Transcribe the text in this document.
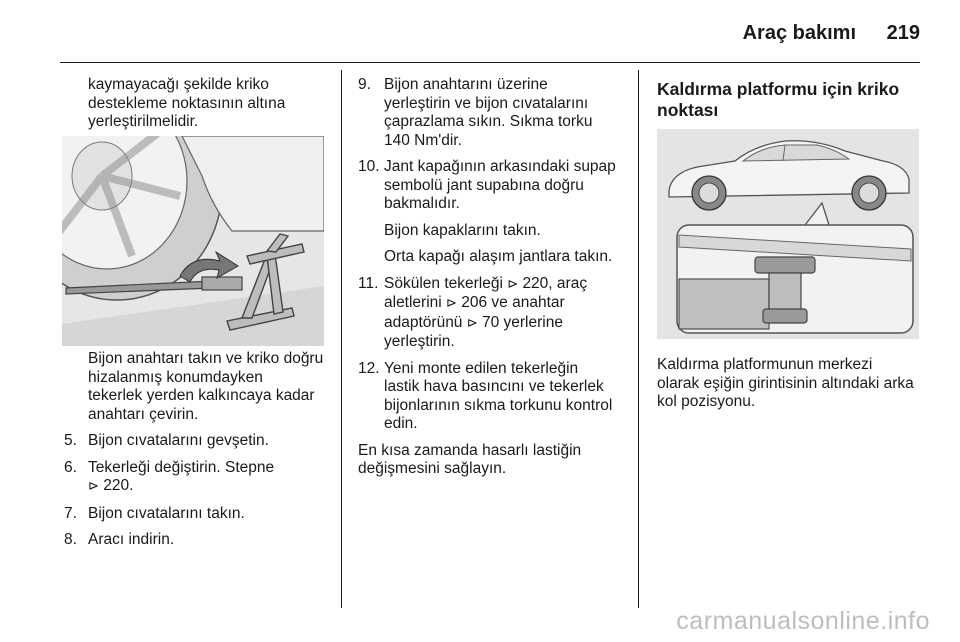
Araç bakımı 219

kaymayacağı şekilde kriko
destekleme noktasının altına
yerleştirilmelidir.

Bijon anahtarı takın ve kriko doğru
hizalanmış konumdayken
tekerlek yerden kalkıncaya kadar
anahtarı çevirin.

5. Bijon cıvatalarını gevşetin.
6. Tekerleği değiştirin. Stepne
⊳ 220.
7. Bijon cıvatalarını takın.
8. Aracı indirin.
9. Bijon anahtarını üzerine
yerleştirin ve bijon cıvatalarını
çaprazlama sıkın. Sıkma torku
140 Nm'dir.
10. Jant kapağının arkasındaki supap
sembolü jant supabına doğru
bakmalıdır.

Bijon kapaklarını takın.

Orta kapağı alaşım jantlara takın.

11. Sökülen tekerleği ⊳ 220, araç
aletlerini ⊳ 206 ve anahtar
adaptörünü ⊳ 70 yerlerine
yerleştirin.
12. Yeni monte edilen tekerleğin
lastik hava basıncını ve tekerlek
bijonlarının sıkma torkunu kontrol
edin.

En kısa zamanda hasarlı lastiğin
değişmesini sağlayın.

Kaldırma platformu için kriko
noktası

Kaldırma platformunun merkezi
olarak eşiğin girintisinin altındaki arka
kol pozisyonu.

carmanualsonline.info
